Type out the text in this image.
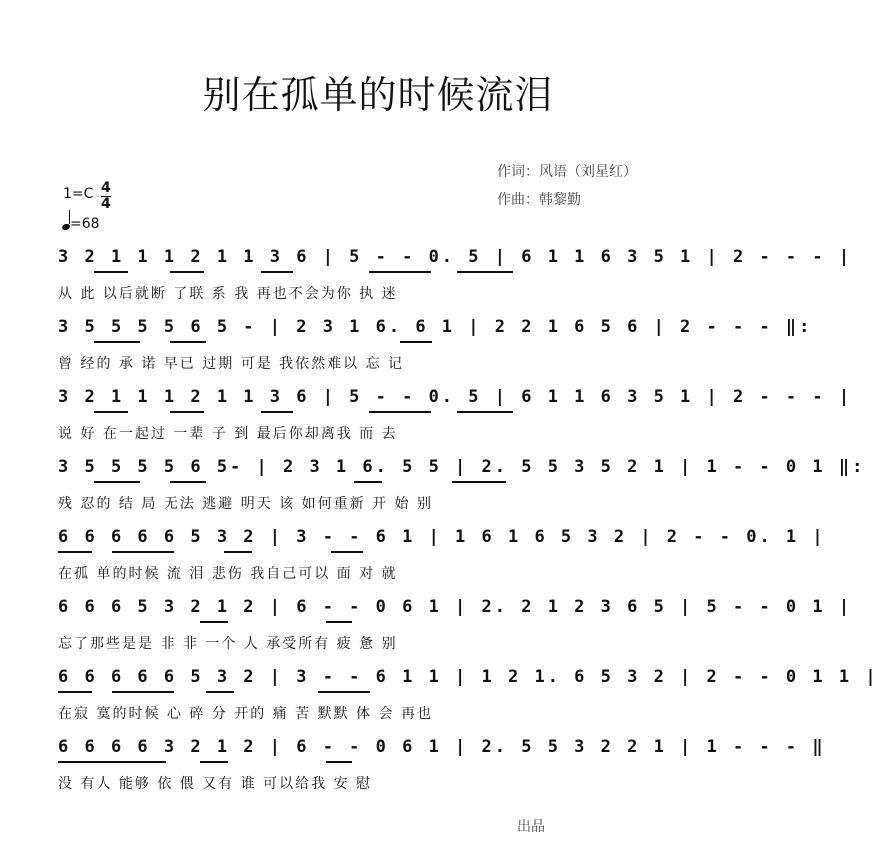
别在孤单的时候流泪
作词：风语（刘星红）
作曲：韩黎勤
$1=C \frac{4}{4}$
=68
3 2 1 1 1 2 1 1 3 6 | 5 - - 0. 5 | 6 1 1 6 3 5 1 | 2 - - - |
从 此 以后就断 了联 系 我 再也不会为你 执 迷
3 5 5 5 5 6 5 - | 2 3 1 6. 6 1 | 2 2 1 6 5 6 | 2 - - - ‖:
曾 经的 承 诺 早已 过期 可是 我依然难以 忘 记
3 2 1 1 1 2 1 1 3 6 | 5 - - 0. 5 | 6 1 1 6 3 5 1 | 2 - - - |
说 好 在一起过 一辈 子 到 最后你却离我 而 去
3 5 5 5 5 6 5- | 2 3 1 6. 5 5 | 2. 5 5 3 5 2 1 | 1 - - 0 1 ‖:
残 忍的 结 局 无法 逃避 明天 该 如何重新 开 始 别
6 6 6 6 6 5 3 2 | 3 - - 6 1 | 1 6 1 6 5 3 2 | 2 - - 0. 1 |
在孤 单的时候 流 泪 悲伤 我自己可以 面 对 就
6 6 6 5 3 2 1 2 | 6 - - 0 6 1 | 2. 2 1 2 3 6 5 | 5 - - 0 1 |
忘了那些是是 非 非 一个 人 承受所有 疲 惫 别
6 6 6 6 6 5 3 2 | 3 - - 6 1 1 | 1 2 1. 6 5 3 2 | 2 - - 0 1 1 |
在寂 寞的时候 心 碎 分 开的 痛 苦 默默 体 会 再也
6 6 6 6 3 2 1 2 | 6 - - 0 6 1 | 2. 5 5 3 2 2 1 | 1 - - - ‖
没 有人 能够 依 偎 又有 谁 可以给我 安 慰
出品
